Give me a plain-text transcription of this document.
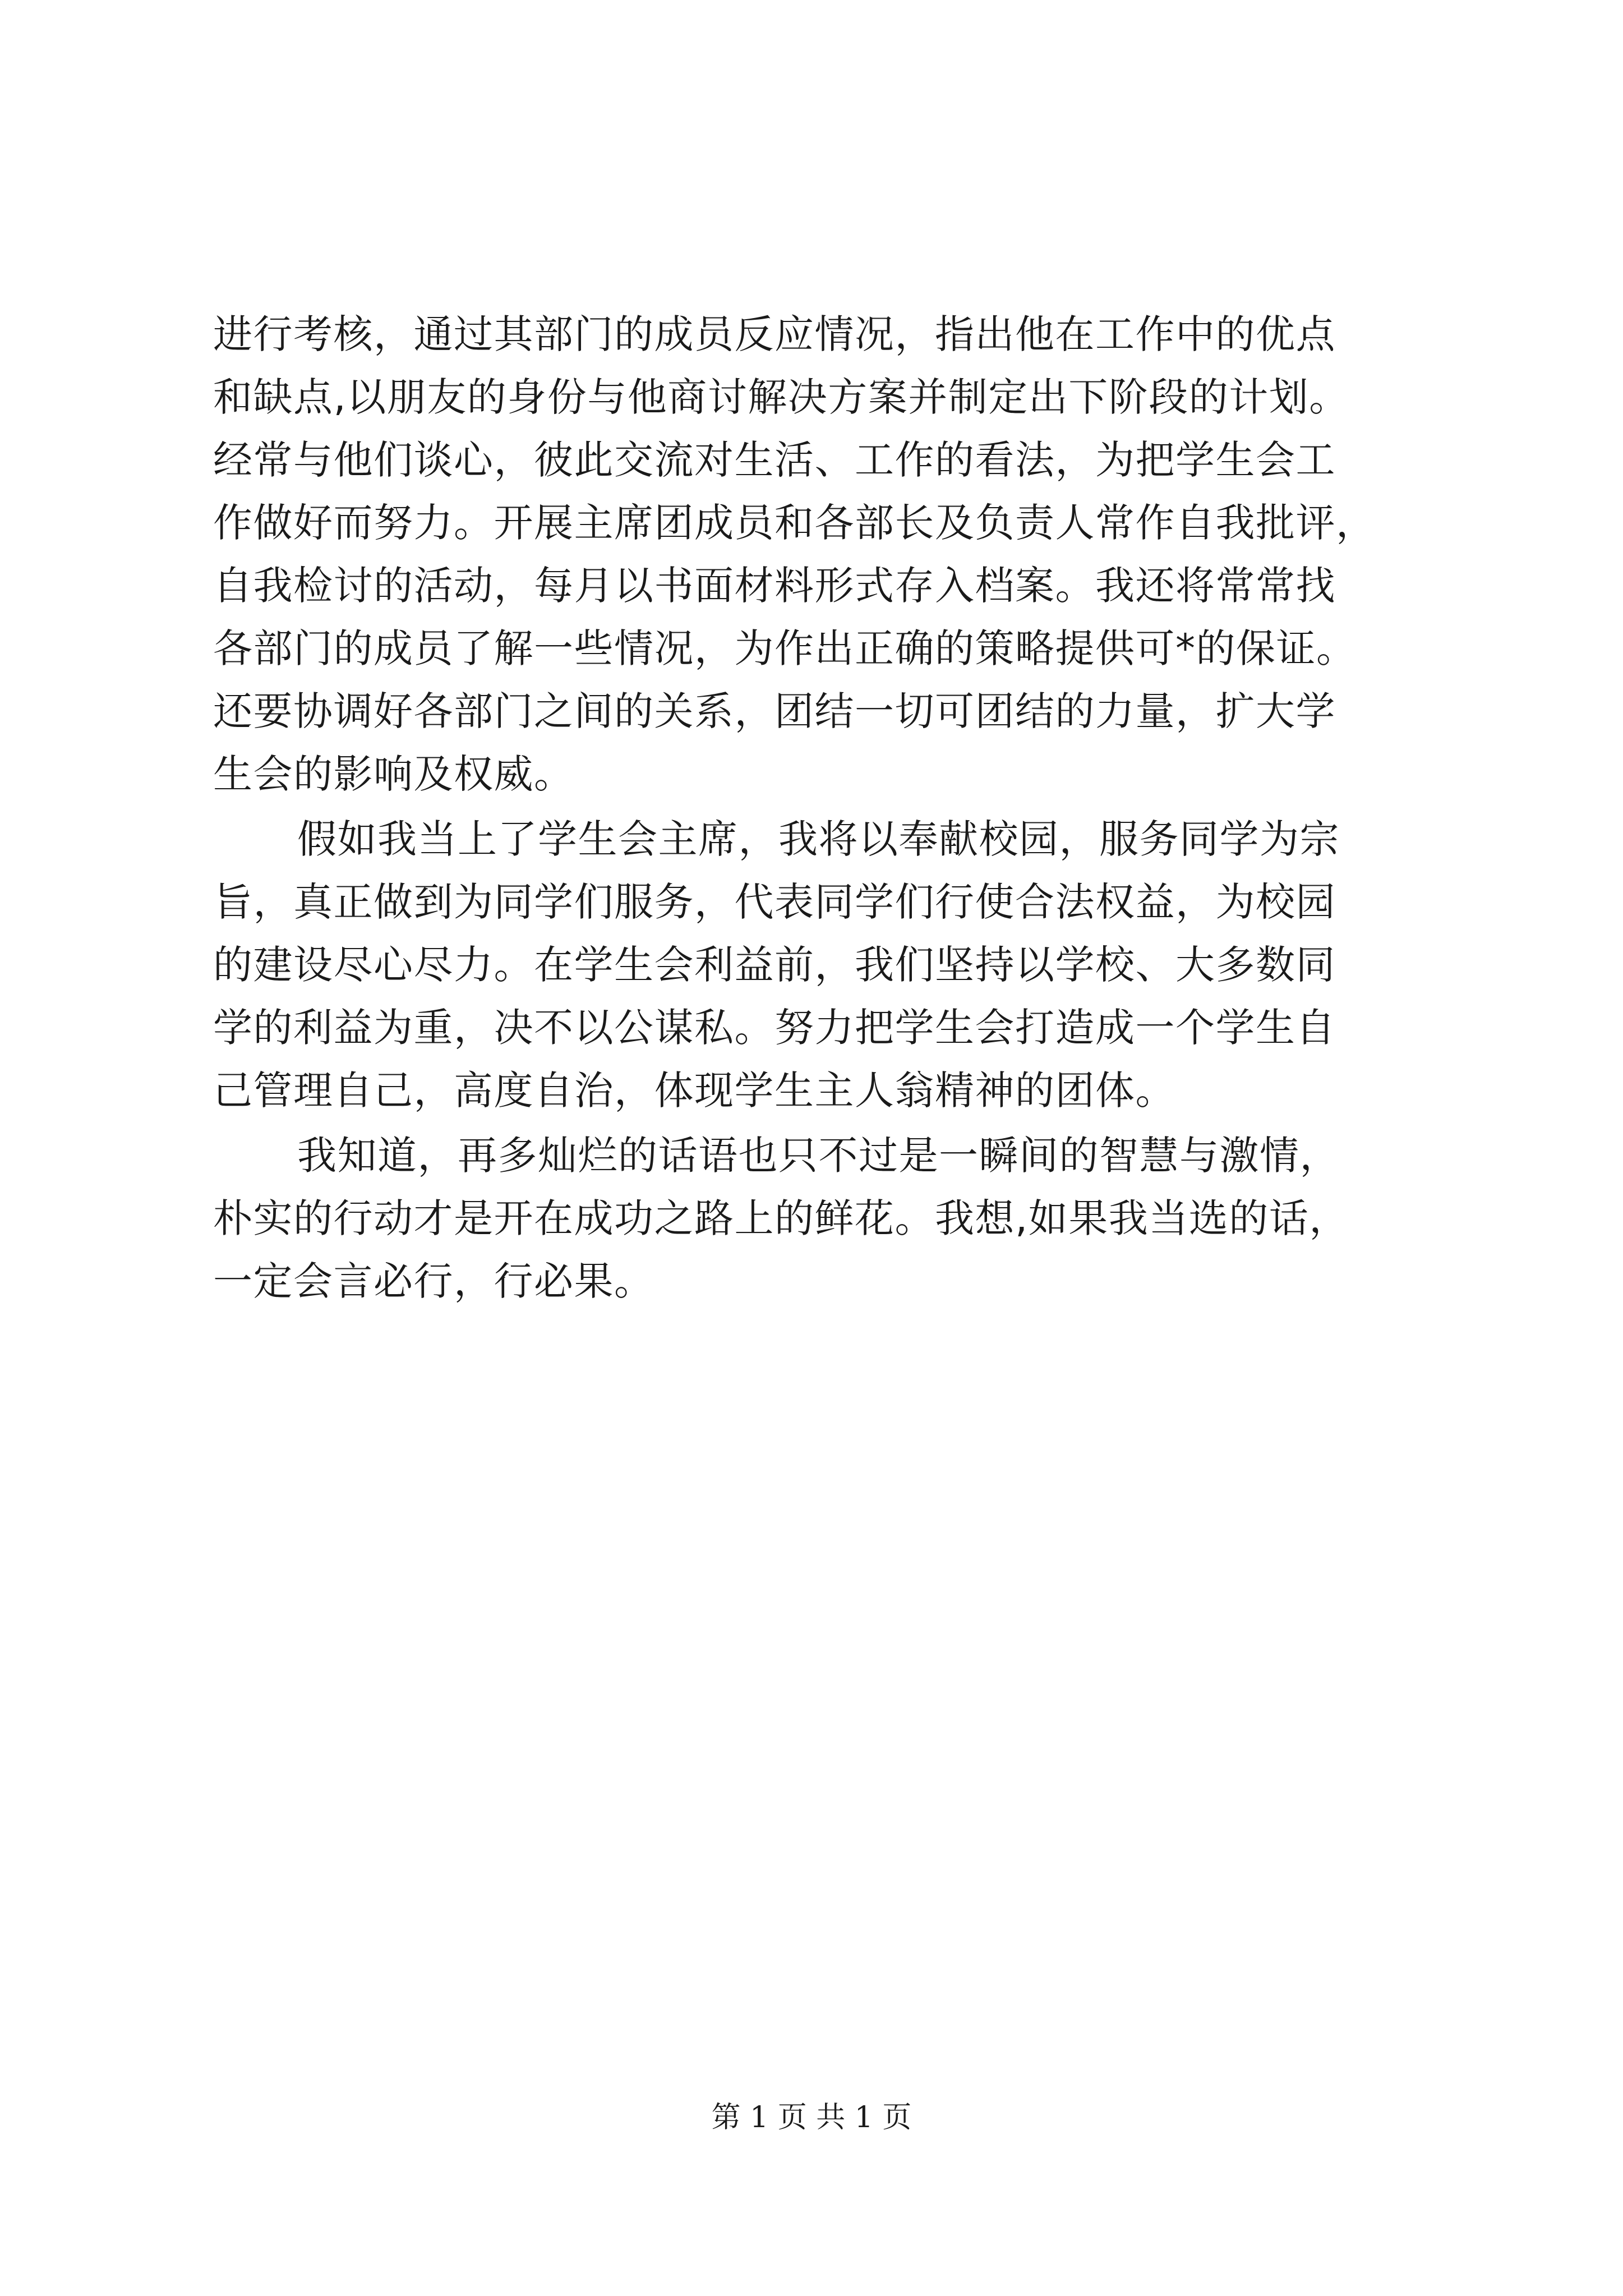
进行考核，通过其部门的成员反应情况，指出他在工作中的优点
和缺点,以朋友的身份与他商讨解决方案并制定出下阶段的计划。
经常与他们谈心，彼此交流对生活、工作的看法，为把学生会工
作做好而努力。开展主席团成员和各部长及负责人常作自我批评，
自我检讨的活动，每月以书面材料形式存入档案。我还将常常找
各部门的成员了解一些情况，为作出正确的策略提供可*的保证。
还要协调好各部门之间的关系，团结一切可团结的力量，扩大学
生会的影响及权威。
假如我当上了学生会主席，我将以奉献校园，服务同学为宗
旨，真正做到为同学们服务，代表同学们行使合法权益，为校园
的建设尽心尽力。在学生会利益前，我们坚持以学校、大多数同
学的利益为重，决不以公谋私。努力把学生会打造成一个学生自
己管理自己，高度自治，体现学生主人翁精神的团体。
我知道，再多灿烂的话语也只不过是一瞬间的智慧与激情，
朴实的行动才是开在成功之路上的鲜花。我想,如果我当选的话，
一定会言必行，行必果。
第 1 页 共 1 页
